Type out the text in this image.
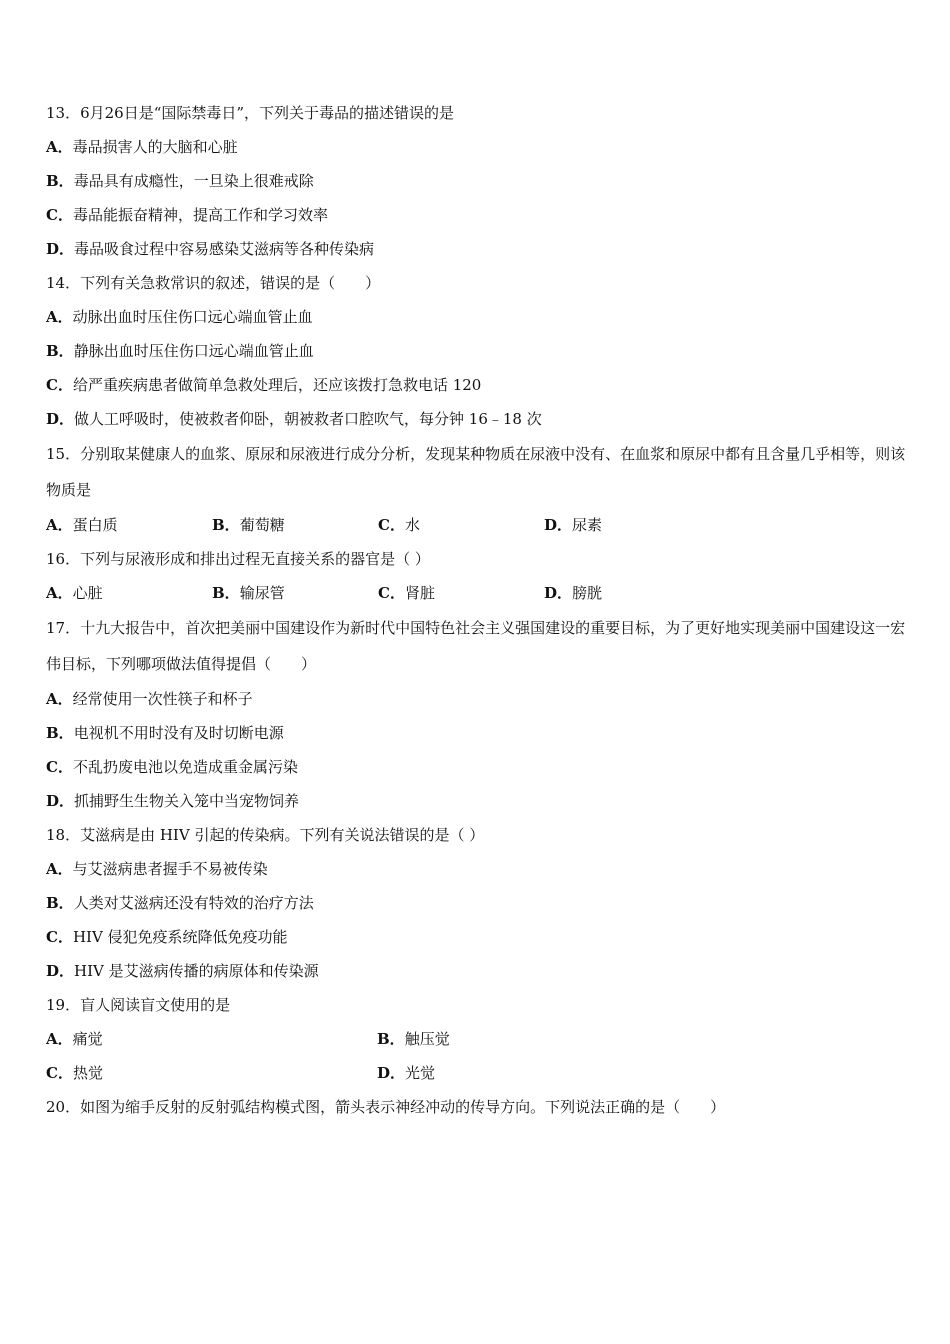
13．6月26日是“国际禁毒日”，下列关于毒品的描述错误的是

A．毒品损害人的大脑和心脏

B．毒品具有成瘾性，一旦染上很难戒除

C．毒品能振奋精神，提高工作和学习效率

D．毒品吸食过程中容易感染艾滋病等各种传染病

14．下列有关急救常识的叙述，错误的是（　　）

A．动脉出血时压住伤口远心端血管止血

B．静脉出血时压住伤口远心端血管止血

C．给严重疾病患者做简单急救处理后，还应该拨打急救电话 120

D．做人工呼吸时，使被救者仰卧，朝被救者口腔吹气，每分钟 16﹣18 次

15．分别取某健康人的血浆、原尿和尿液进行成分分析，发现某种物质在尿液中没有、在血浆和原尿中都有且含量几乎相等，则该物质是

A．蛋白质	B．葡萄糖	C．水	D．尿素

16．下列与尿液形成和排出过程无直接关系的器官是（ ）

A．心脏	B．输尿管	C．肾脏	D．膀胱

17．十九大报告中，首次把美丽中国建设作为新时代中国特色社会主义强国建设的重要目标，为了更好地实现美丽中国建设这一宏伟目标，下列哪项做法值得提倡（　　）

A．经常使用一次性筷子和杯子

B．电视机不用时没有及时切断电源

C．不乱扔废电池以免造成重金属污染

D．抓捕野生生物关入笼中当宠物饲养

18．艾滋病是由 HIV 引起的传染病。下列有关说法错误的是（ ）

A．与艾滋病患者握手不易被传染

B．人类对艾滋病还没有特效的治疗方法

C．HIV 侵犯免疫系统降低免疫功能

D．HIV 是艾滋病传播的病原体和传染源

19．盲人阅读盲文使用的是

A．痛觉	B．触压觉
C．热觉	D．光觉

20．如图为缩手反射的反射弧结构模式图，箭头表示神经冲动的传导方向。下列说法正确的是（　　）
